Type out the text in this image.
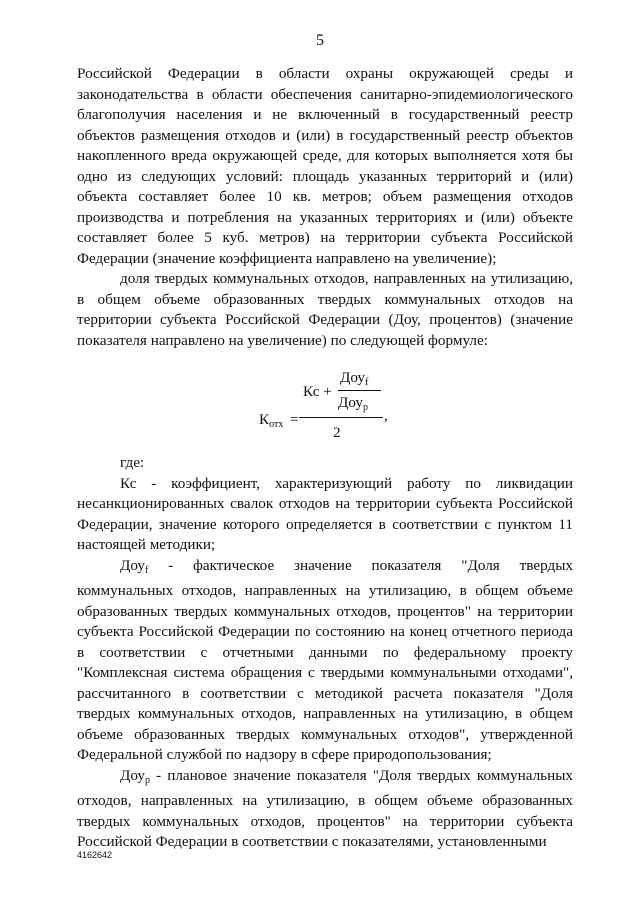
5

Российской Федерации в области охраны окружающей среды и законодательства в области обеспечения санитарно-эпидемиологического благополучия населения и не включенный в государственный реестр объектов размещения отходов и (или) в государственный реестр объектов накопленного вреда окружающей среде, для которых выполняется хотя бы одно из следующих условий: площадь указанных территорий и (или) объекта составляет более 10 кв. метров; объем размещения отходов производства и потребления на указанных территориях и (или) объекте составляет более 5 куб. метров) на территории субъекта Российской Федерации (значение коэффициента направлено на увеличение);

доля твердых коммунальных отходов, направленных на утилизацию, в общем объеме образованных твердых коммунальных отходов на территории субъекта Российской Федерации (Доу, процентов) (значение показателя направлено на увеличение) по следующей формуле:

$К_{отх}$ =
Кс +
Доу$_f$
Доу$_p$ ,
2

где:

Кс - коэффициент, характеризующий работу по ликвидации несанкционированных свалок отходов на территории субъекта Российской Федерации, значение которого определяется в соответствии с пунктом 11 настоящей методики;

Доу$_f$ - фактическое значение показателя "Доля твердых коммунальных отходов, направленных на утилизацию, в общем объеме образованных твердых коммунальных отходов, процентов" на территории субъекта Российской Федерации по состоянию на конец отчетного периода в соответствии с отчетными данными по федеральному проекту "Комплексная система обращения с твердыми коммунальными отходами", рассчитанного в соответствии с методикой расчета показателя "Доля твердых коммунальных отходов, направленных на утилизацию, в общем объеме образованных твердых коммунальных отходов", утвержденной Федеральной службой по надзору в сфере природопользования;

Доу$_p$ - плановое значение показателя "Доля твердых коммунальных отходов, направленных на утилизацию, в общем объеме образованных твердых коммунальных отходов, процентов" на территории субъекта Российской Федерации в соответствии с показателями, установленными

4162642
